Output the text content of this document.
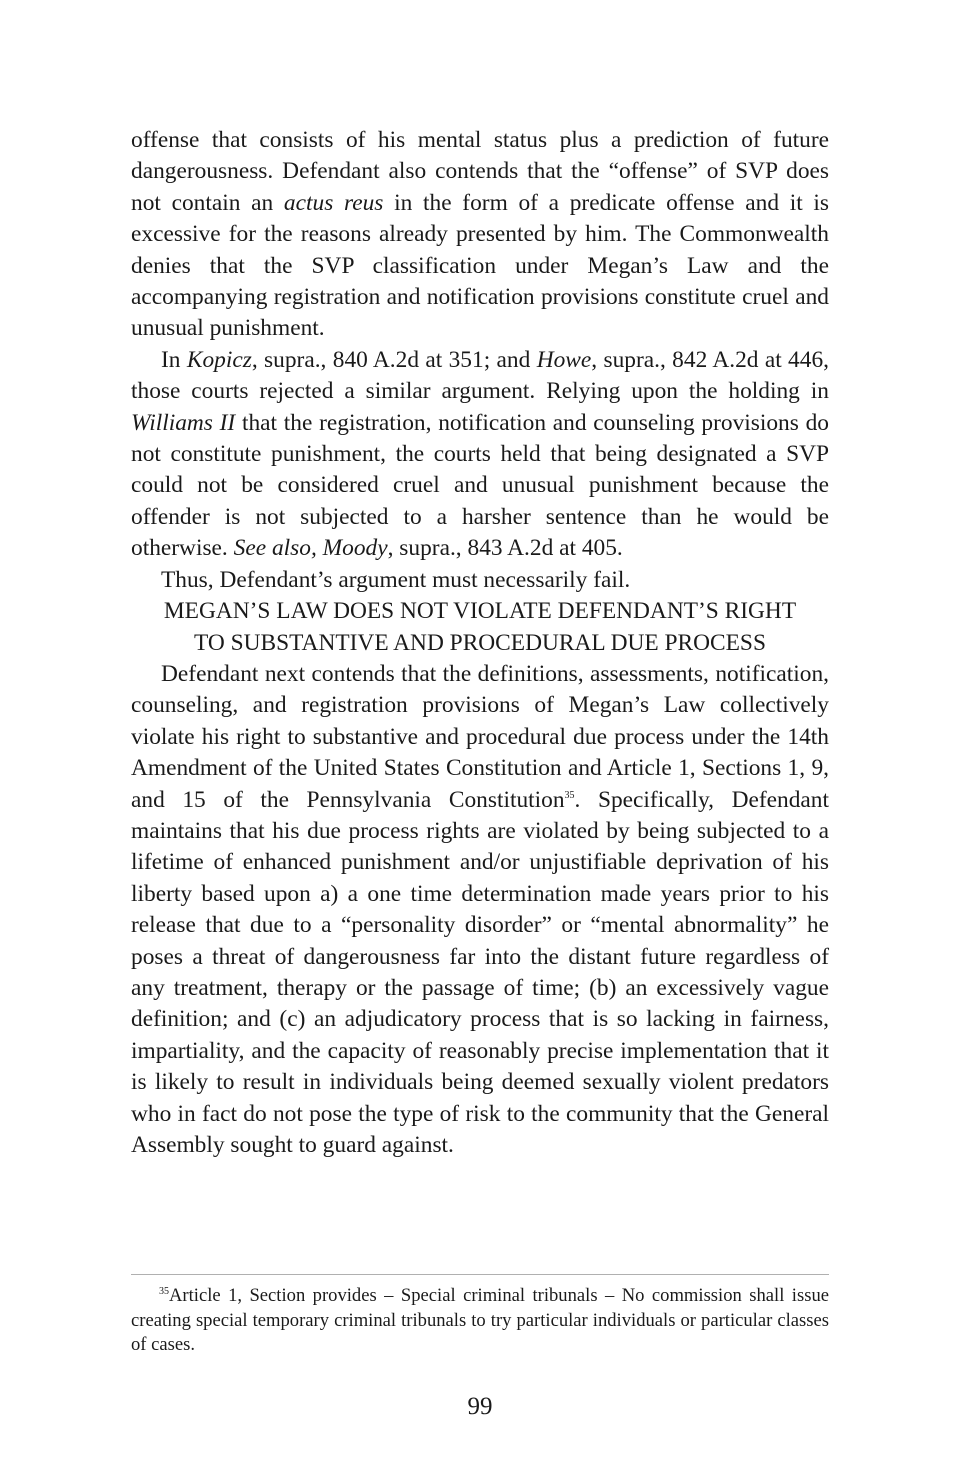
offense that consists of his mental status plus a prediction of future dangerousness. Defendant also contends that the “offense” of SVP does not contain an actus reus in the form of a predicate offense and it is excessive for the reasons already presented by him. The Commonwealth denies that the SVP classification under Megan’s Law and the accompanying registration and notification provisions constitute cruel and unusual punishment.

In Kopicz, supra., 840 A.2d at 351; and Howe, supra., 842 A.2d at 446, those courts rejected a similar argument. Relying upon the holding in Williams II that the registration, notification and counseling provisions do not constitute punishment, the courts held that being designated a SVP could not be considered cruel and unusual punishment because the offender is not subjected to a harsher sentence than he would be otherwise. See also, Moody, supra., 843 A.2d at 405.

Thus, Defendant’s argument must necessarily fail.

MEGAN’S LAW DOES NOT VIOLATE DEFENDANT’S RIGHT
TO SUBSTANTIVE AND PROCEDURAL DUE PROCESS

Defendant next contends that the definitions, assessments, notification, counseling, and registration provisions of Megan’s Law collectively violate his right to substantive and procedural due process under the 14th Amendment of the United States Constitution and Article 1, Sections 1, 9, and 15 of the Pennsylvania Constitution$^{35}$. Specifically, Defendant maintains that his due process rights are violated by being subjected to a lifetime of enhanced punishment and/or unjustifiable deprivation of his liberty based upon a) a one time determination made years prior to his release that due to a “personality disorder” or “mental abnormality” he poses a threat of dangerousness far into the distant future regardless of any treatment, therapy or the passage of time; (b) an excessively vague definition; and (c) an adjudicatory process that is so lacking in fairness, impartiality, and the capacity of reasonably precise implementation that it is likely to result in individuals being deemed sexually violent predators who in fact do not pose the type of risk to the community that the General Assembly sought to guard against.

$^{35}$Article 1, Section provides – Special criminal tribunals – No commission shall issue creating special temporary criminal tribunals to try particular individuals or particular classes of cases.

99
